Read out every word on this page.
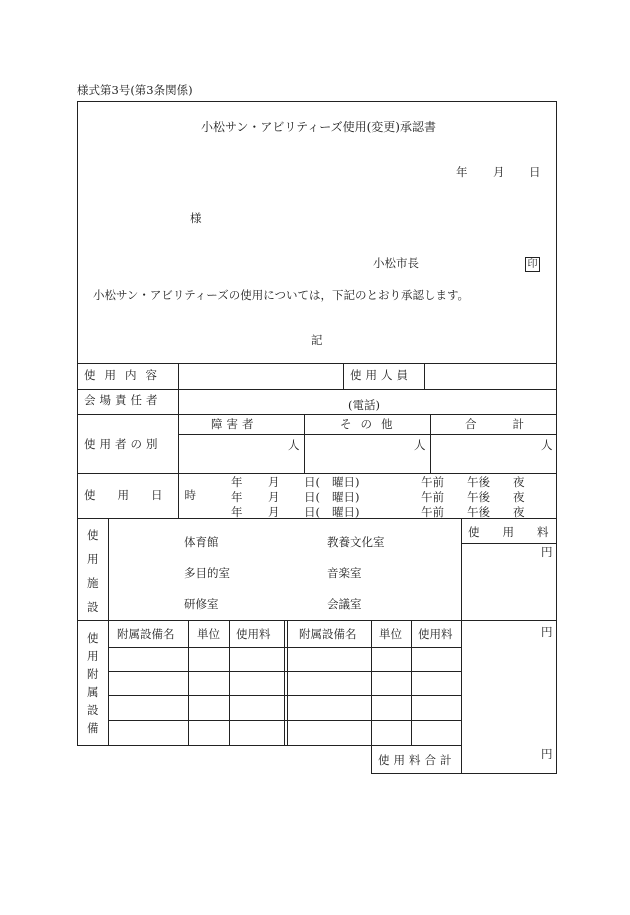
様式第3号(第3条関係)
小松サン・アビリティーズ使用(変更)承認書
年 月 日
様
小松市長	印
小松サン・アビリティーズの使用については，下記のとおり承認します。
記
使用内容	使用人員
会場責任者	(電話)
使用者の別
障害者	その他	合計
人	人	人
使用日時
年 月 日( 曜日)	午前 午後 夜
年 月 日( 曜日)	午前 午後 夜
年 月 日( 曜日)	午前 午後 夜
使
用
施
設
体育館	教養文化室
多目的室	音楽室
研修室	会議室
使用料
円
使
用
附
属
設
備
附属設備名 単位 使用料 附属設備名 単位 使用料	円
使用料合計	円
